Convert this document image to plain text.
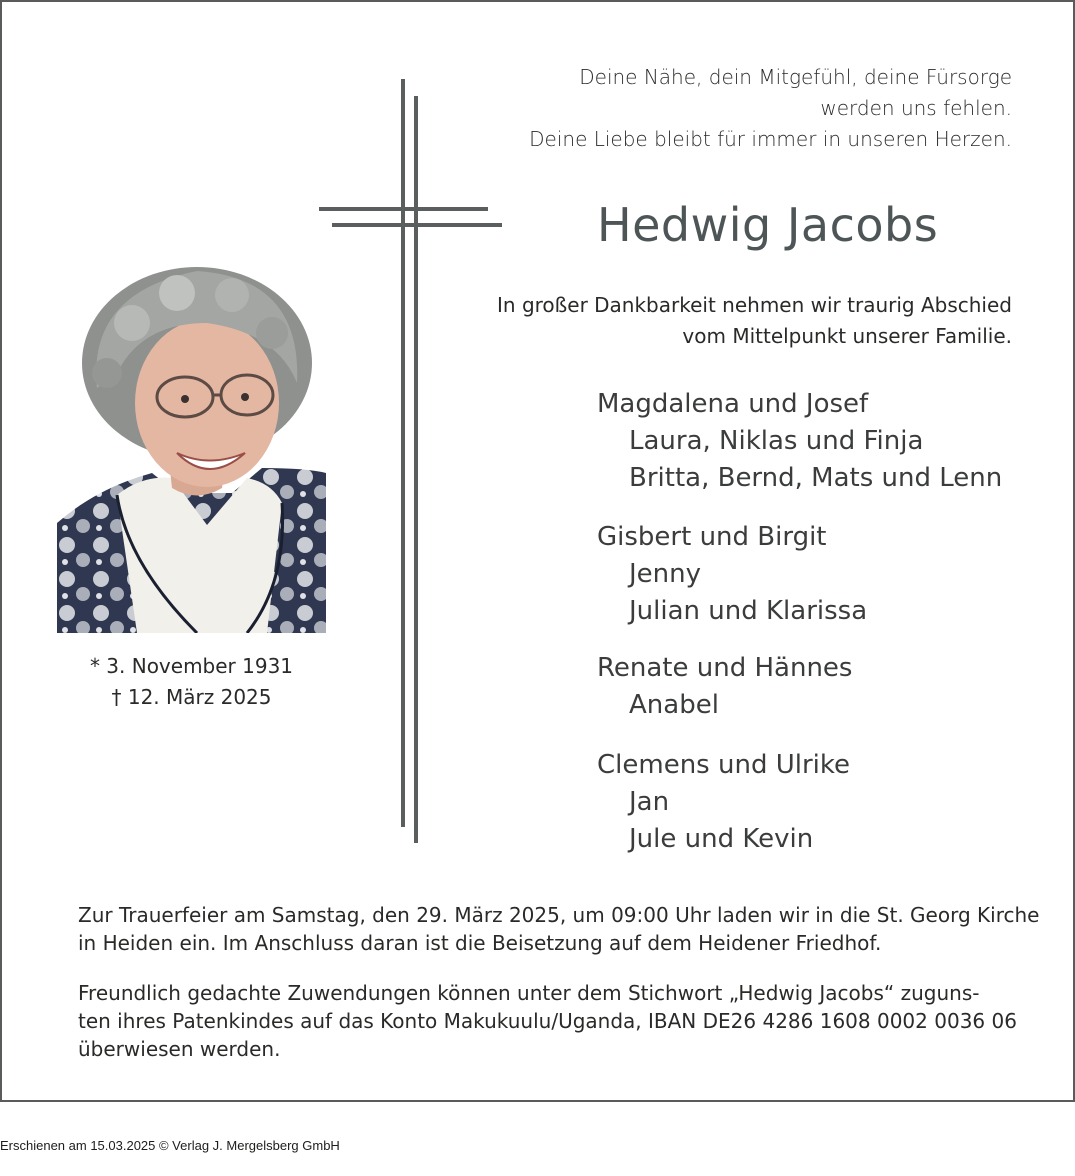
Deine Nähe, dein Mitgefühl, deine Fürsorge
werden uns fehlen.
Deine Liebe bleibt für immer in unseren Herzen.
Hedwig Jacobs
In großer Dankbarkeit nehmen wir traurig Abschied
vom Mittelpunkt unserer Familie.
* 3. November 1931
† 12. März 2025
Magdalena und Josef
Laura, Niklas und Finja
Britta, Bernd, Mats und Lenn
Gisbert und Birgit
Jenny
Julian und Klarissa
Renate und Hännes
Anabel
Clemens und Ulrike
Jan
Jule und Kevin
Zur Trauerfeier am Samstag, den 29. März 2025, um 09:00 Uhr laden wir in die St. Georg Kirche
in Heiden ein. Im Anschluss daran ist die Beisetzung auf dem Heidener Friedhof.
Freundlich gedachte Zuwendungen können unter dem Stichwort „Hedwig Jacobs“ zuguns-
ten ihres Patenkindes auf das Konto Makukuulu/Uganda, IBAN DE26 4286 1608 0002 0036 06
überwiesen werden.
Erschienen am 15.03.2025 © Verlag J. Mergelsberg GmbH
